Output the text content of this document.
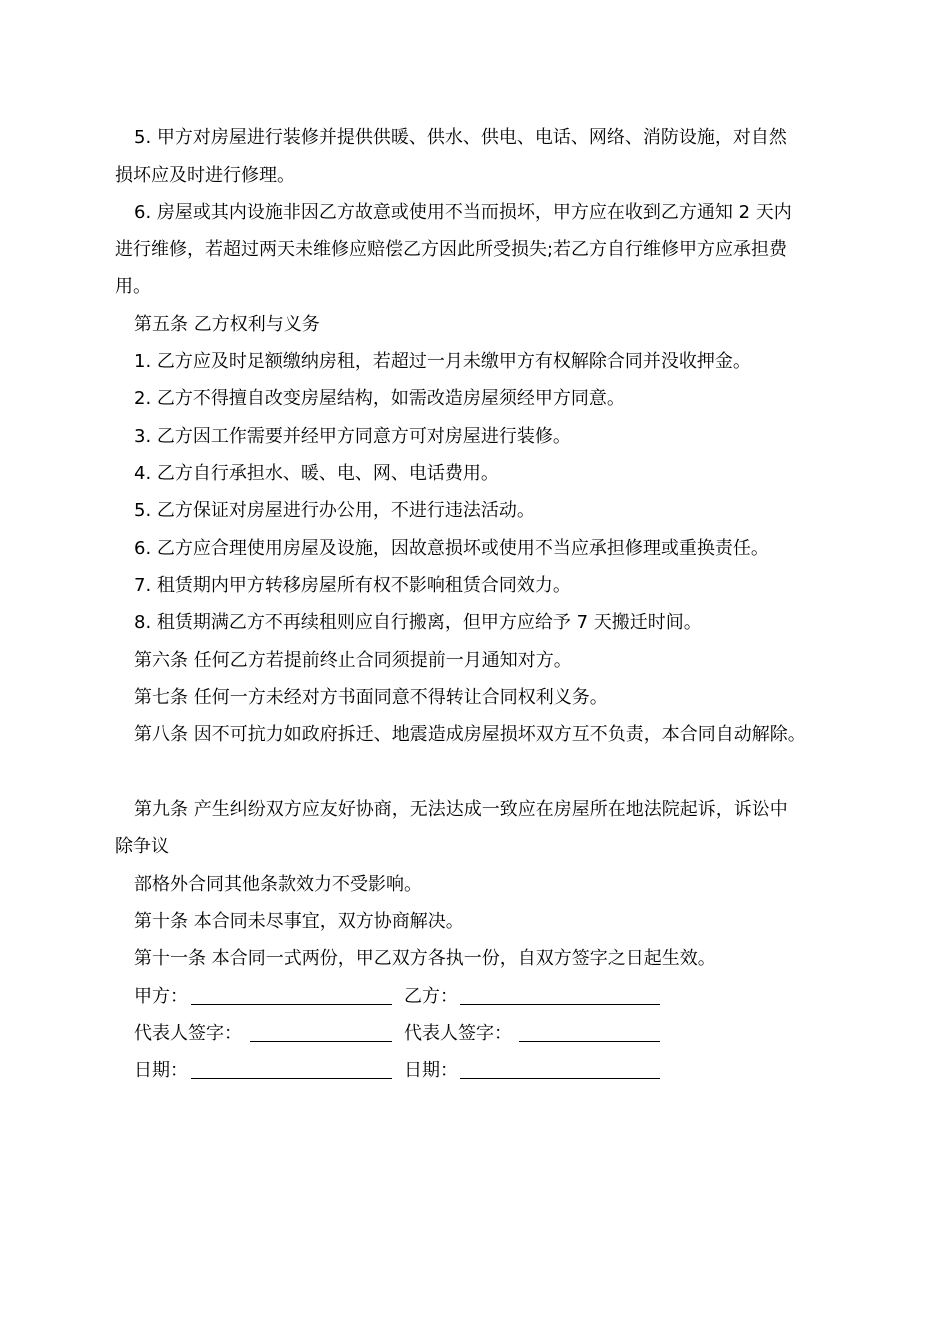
5. 甲方对房屋进行装修并提供供暖、供水、供电、电话、网络、消防设施，对自然
损坏应及时进行修理。
6. 房屋或其内设施非因乙方故意或使用不当而损坏，甲方应在收到乙方通知 2 天内
进行维修，若超过两天未维修应赔偿乙方因此所受损失;若乙方自行维修甲方应承担费
用。
第五条 乙方权利与义务
1. 乙方应及时足额缴纳房租，若超过一月未缴甲方有权解除合同并没收押金。
2. 乙方不得擅自改变房屋结构，如需改造房屋须经甲方同意。
3. 乙方因工作需要并经甲方同意方可对房屋进行装修。
4. 乙方自行承担水、暖、电、网、电话费用。
5. 乙方保证对房屋进行办公用，不进行违法活动。
6. 乙方应合理使用房屋及设施，因故意损坏或使用不当应承担修理或重换责任。
7. 租赁期内甲方转移房屋所有权不影响租赁合同效力。
8. 租赁期满乙方不再续租则应自行搬离，但甲方应给予 7 天搬迁时间。
第六条 任何乙方若提前终止合同须提前一月通知对方。
第七条 任何一方未经对方书面同意不得转让合同权利义务。
第八条 因不可抗力如政府拆迁、地震造成房屋损坏双方互不负责，本合同自动解除。
第九条 产生纠纷双方应友好协商，无法达成一致应在房屋所在地法院起诉，诉讼中
除争议
部格外合同其他条款效力不受影响。
第十条 本合同未尽事宜，双方协商解决。
第十一条 本合同一式两份，甲乙双方各执一份，自双方签字之日起生效。
甲方：	乙方：
代表人签字：	代表人签字：
日期：	日期：
